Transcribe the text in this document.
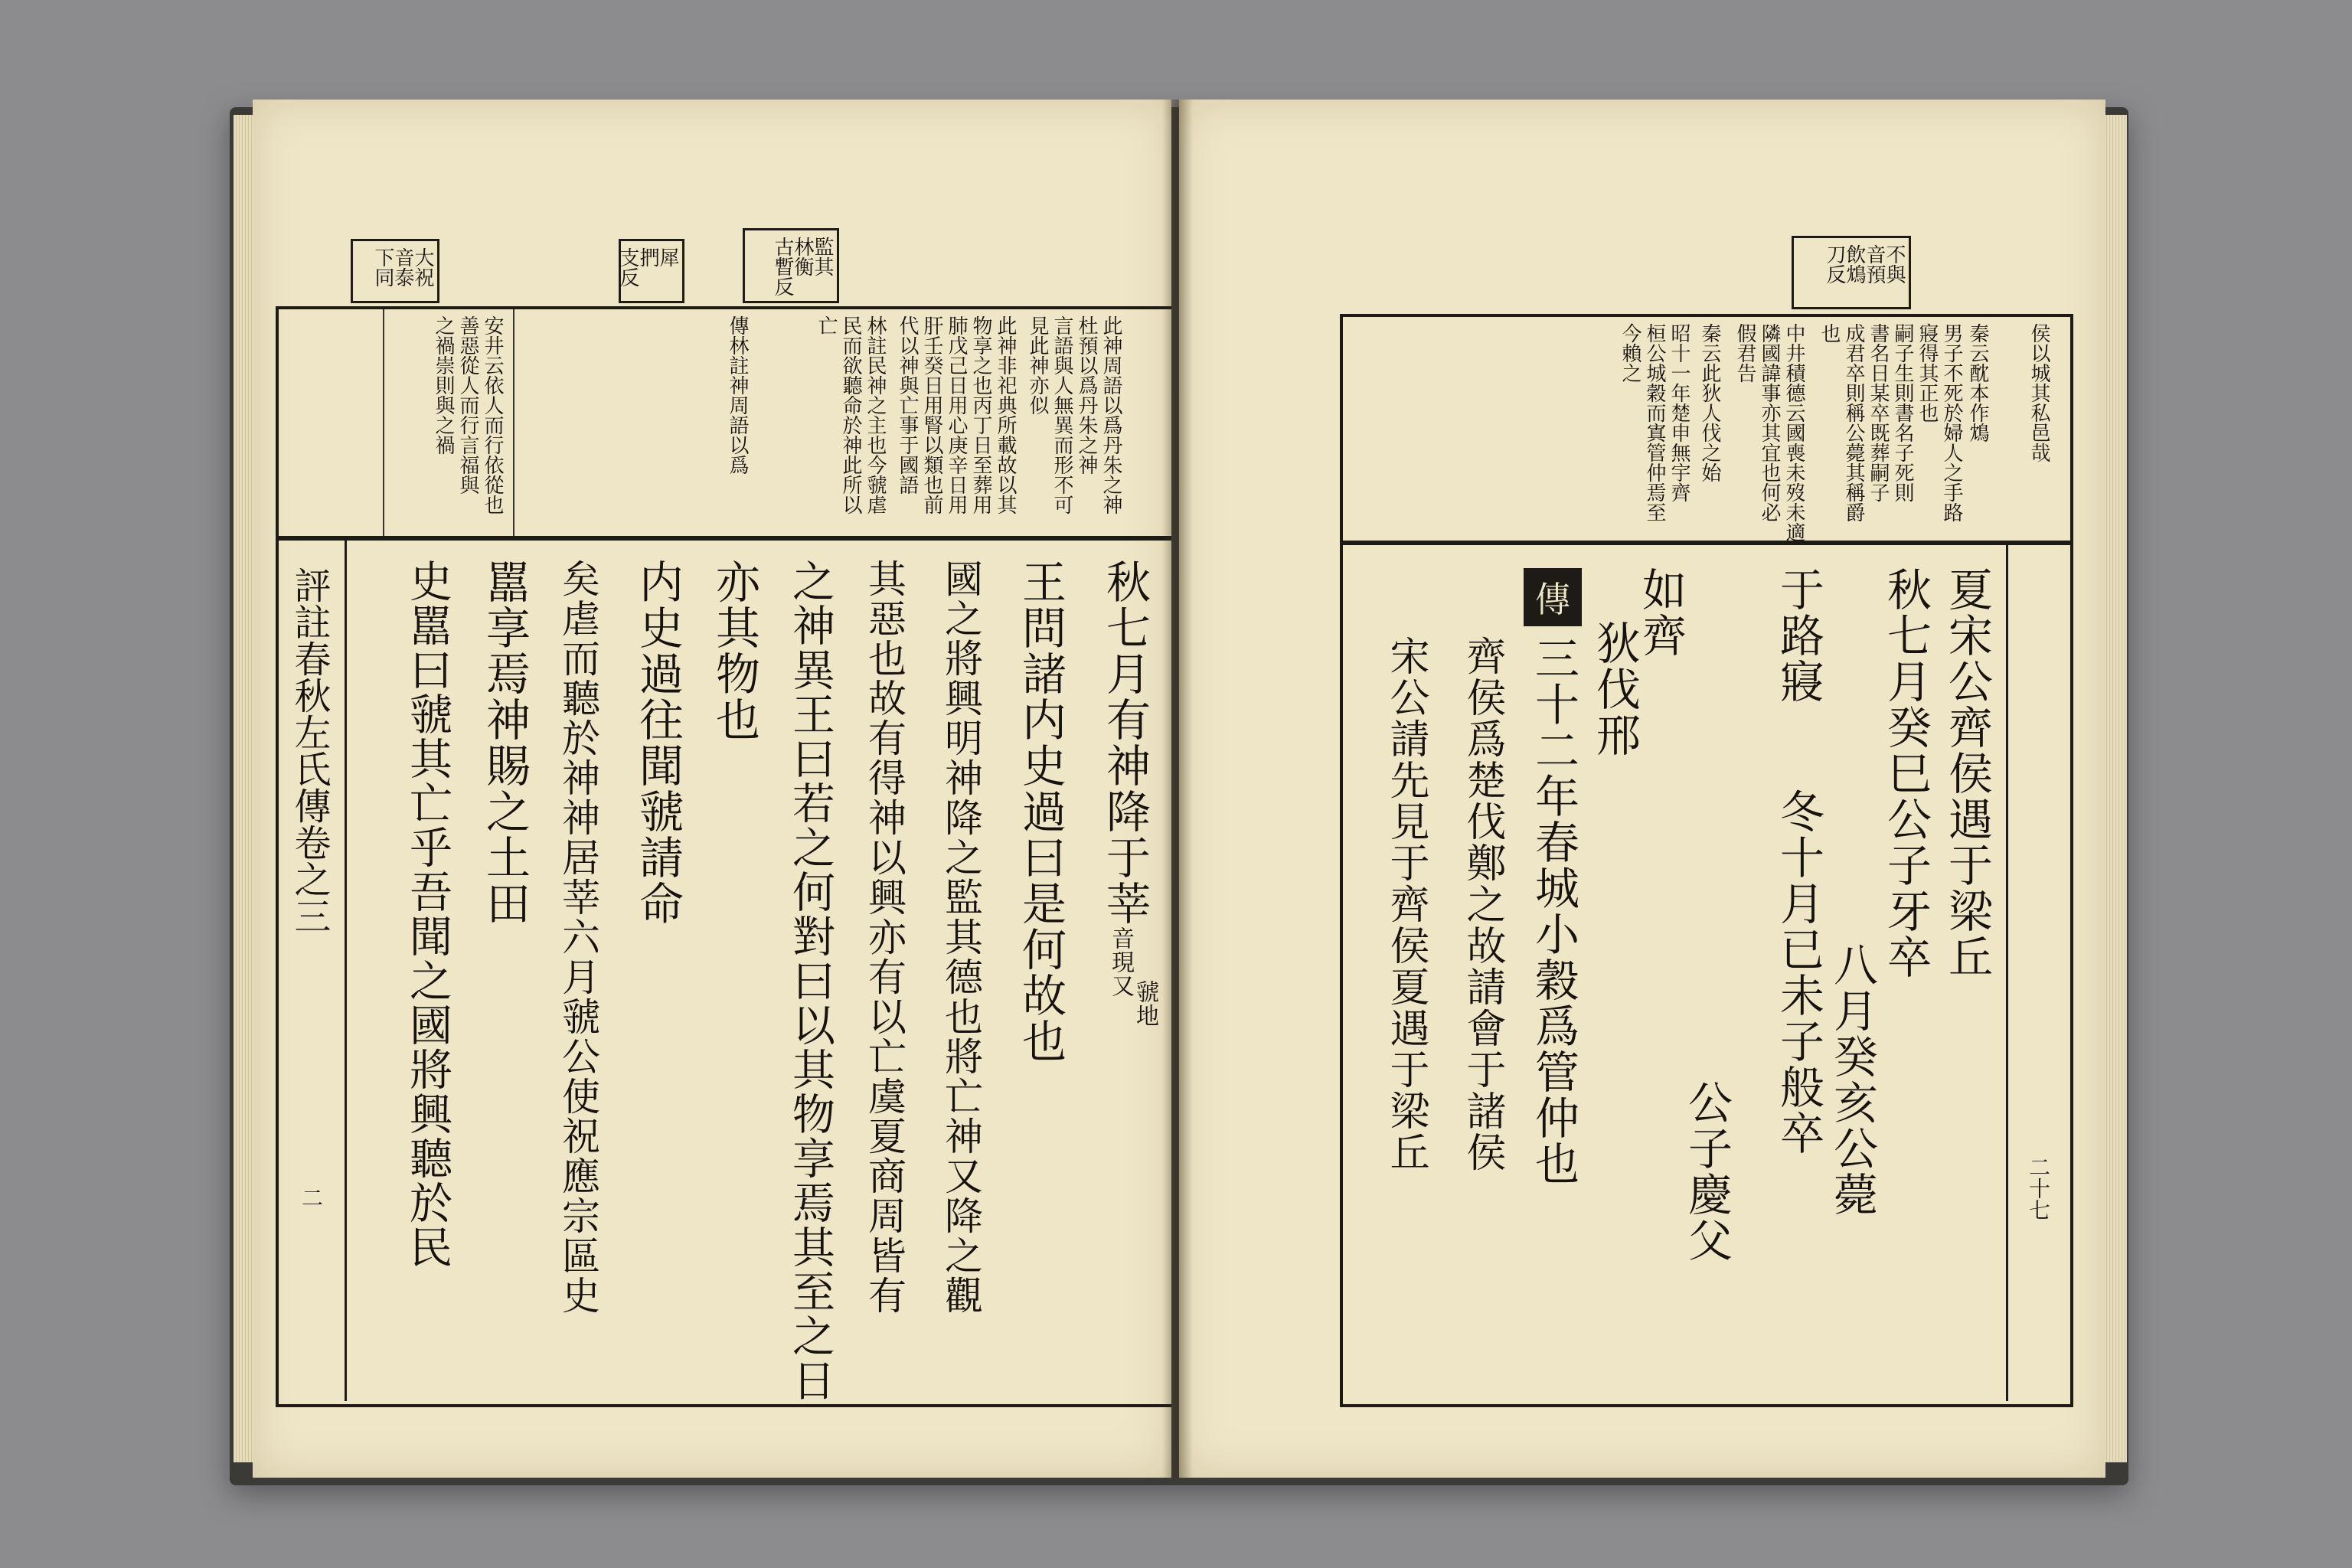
大祝
音泰
下同	犀
捫
支反	監其
林衡
古暫反
此神周語以爲丹朱之神
杜預以爲丹朱之神
言語與人無異而形不可
見此神亦似
此神非祀典所載故以其
物享之也丙丁日至葬用
肺戊己日用心庚辛日用
肝壬癸日用腎以類也前
代以神與亡事于國語
林註民神之主也今虢虐
民而欲聽命於神此所以
亡
安井云依人而行依從也
善惡從人而行言福與
之禍崇則與之禍	傳林註神周語以爲
秋七月有神降于莘
音現又
虢地
王問諸内史過曰是何故也
國之將興明神降之監其德也將亡神又降之觀
其惡也故有得神以興亦有以亡虞夏商周皆有
之神異王曰若之何對曰以其物享焉其至之日
亦其物也
内史過往聞虢請命
矣虐而聽於神神居莘六月虢公使祝應宗區史
嚚享焉神賜之土田
史嚚曰虢其亡乎吾聞之國將興聽於民
評註春秋左氏傳卷之三
二
不與
音預
飲鴆
刀反
侯以城其私邑哉
秦云酖本作鴆
男子不死於婦人之手路
寢得其正也
嗣子生則書名子死則
書名日某卒既葬嗣子
成君卒則稱公薨其稱爵
也
中井積德云國喪未歿未適
隣國諱事亦其宜也何必
假君告
秦云此狄人伐之始
昭十一年楚申無宇齊
桓公城穀而寘管仲焉至
今賴之
夏宋公齊侯遇于梁丘
秋七月癸巳公子牙卒
八月癸亥公薨
于路寢
冬十月已未子般卒
公子慶父
如齊
狄伐邢
傳
三十二年春城小穀爲管仲也
齊侯爲楚伐鄭之故請會于諸侯
宋公請先見于齊侯夏遇于梁丘
二十七
